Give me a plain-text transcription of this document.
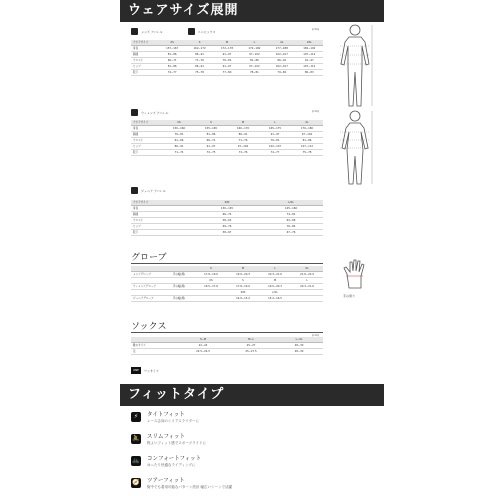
ウェアサイズ展開
メンズ アパレル	ユニセックス
(cm)
アジアサイズ	XS	S	M	L	XL	2XL
身長	157~167	162~172	172~178	172~182	177~188	182~192
胸囲	81~86	86~91	91~97	97~102	102~107	107~112
ウエスト	66~71	71~76	76~81	81~86	86~91	91~97
ヒップ	81~86	86~91	91~97	97~102	102~107	107~112
股下	74~77	75~78	77~80	78~81	79~82	80~83
ウィメンズ アパレル	(cm)
アジアサイズ	XS	S	M	L	XL
身長	150~160	155~165	160~170	165~175	170~180
胸囲	76~81	81~86	86~91	91~97	97~102
ウエスト	61~66	66~71	71~76	76~81	81~86
ヒップ	86~91	91~97	97~102	102~107	107~112
股下	71~74	72~75	73~76	74~77	75~78
ジュニア アパレル
アジアサイズ	S/M	L/XL
身長	130~145	145~160
胸囲	66~74	74~81
ウエスト	58~63	63~68
ヒップ	69~76	76~84
股下	58~67	67~76
グローブ
		S	M	L	XL
メンズグローブ	手の幅(周)	17.8~19.0	19.0~20.3	20.3~21.6	21.6~22.9
		XS	S	M	L
ウィメンズグローブ	手の幅(周)	16.5~17.8	17.8~19.0	19.0~20.3	20.3~21.6
			S/M	L/XL	
ジュニアグローブ	手の幅(周)		14.0~15.2	15.2~16.5	
ソックス
(cm)
	S~M	M~L	L~XL
靴のサイズ	22~24	25~27	28~30
足	22.5~24.5	25~27.5	28~30
ONE	ワンサイズ
手の周り
フィットタイプ
⚡	タイトフィット
レース志向のシリアスライダーに
🚴 スリムフィット
程よいフィット感でスポーツライドに
🚲 コンフォートフィット
ゆったり快適なライディングに
🧭 ツアーフィット
街中でも着用可能なパターン設計 幅広いシーンで活躍
